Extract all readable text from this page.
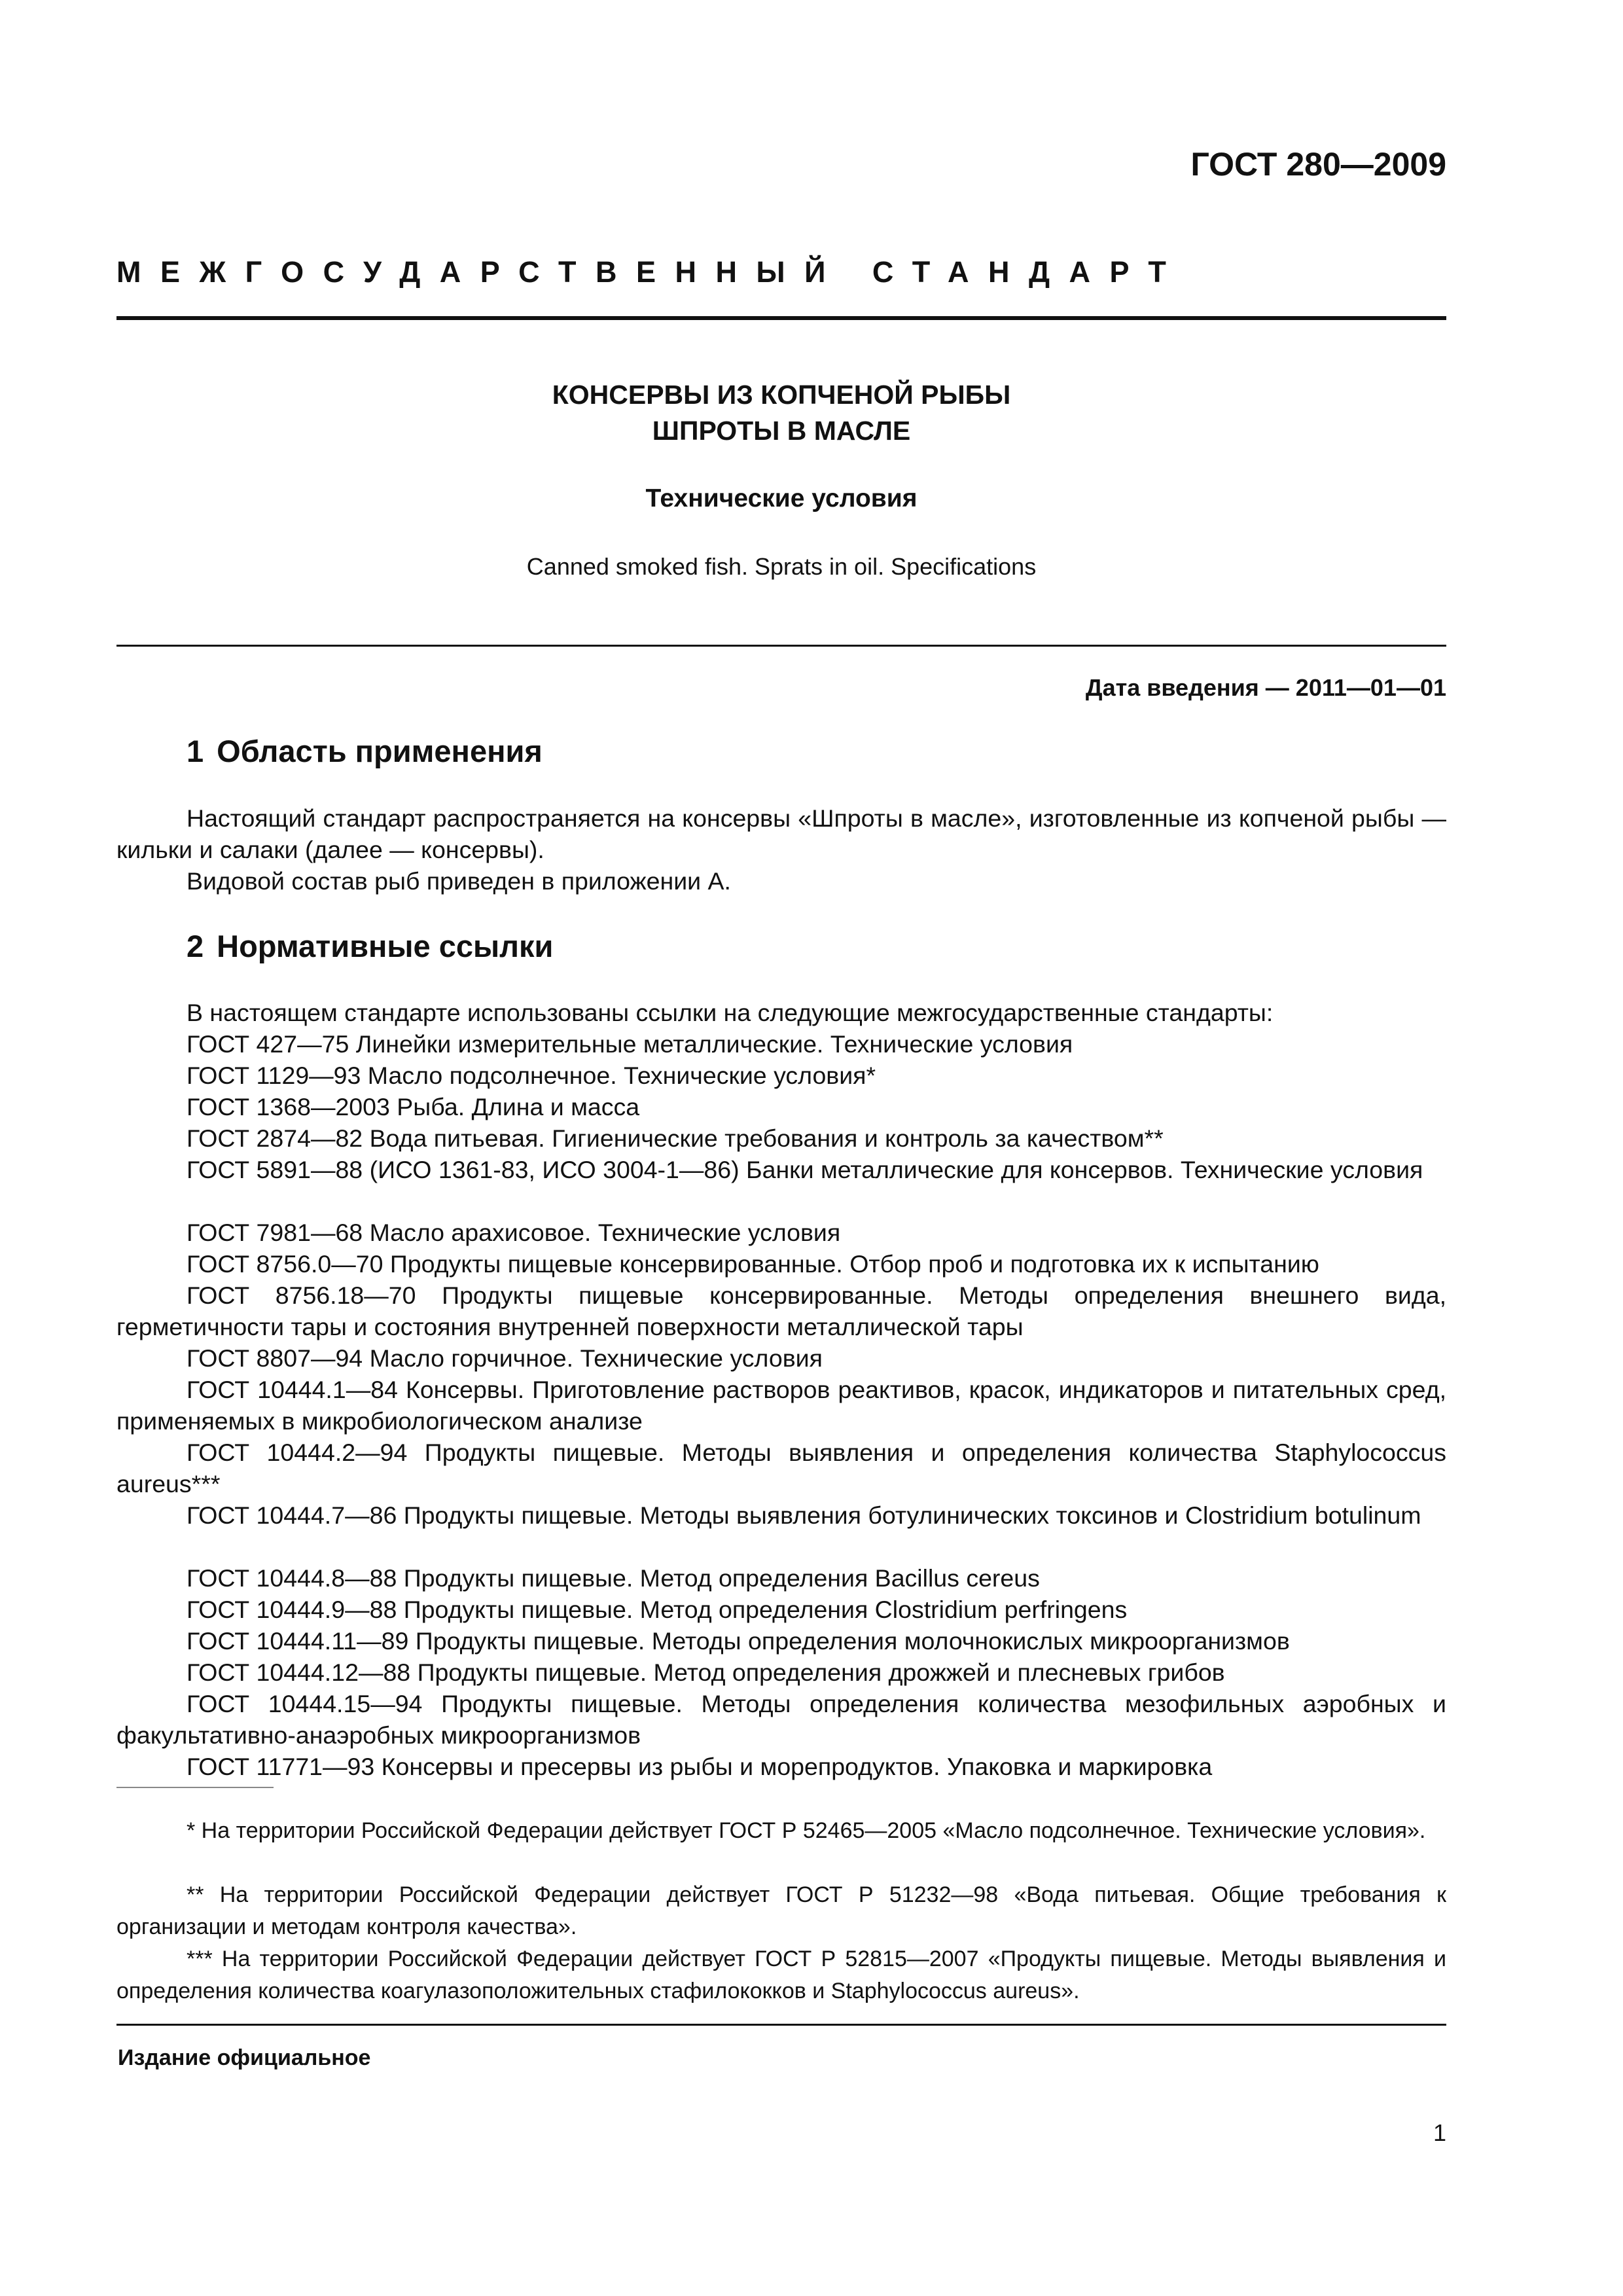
ГОСТ 280—2009
МЕЖГОСУДАРСТВЕННЫЙ СТАНДАРТ
КОНСЕРВЫ ИЗ КОПЧЕНОЙ РЫБЫ
ШПРОТЫ В МАСЛЕ
Технические условия
Canned smoked fish. Sprats in oil. Specifications
Дата введения — 2011—01—01
1 Область применения

Настоящий стандарт распространяется на консервы «Шпроты в масле», изготовленные из копченой рыбы — кильки и салаки (далее — консервы).

Видовой состав рыб приведен в приложении А.

2 Нормативные ссылки

В настоящем стандарте использованы ссылки на следующие межгосударственные стандарты:

ГОСТ 427—75 Линейки измерительные металлические. Технические условия

ГОСТ 1129—93 Масло подсолнечное. Технические условия*

ГОСТ 1368—2003 Рыба. Длина и масса

ГОСТ 2874—82 Вода питьевая. Гигиенические требования и контроль за качеством**

ГОСТ 5891—88 (ИСО 1361-83, ИСО 3004-1—86) Банки металлические для консервов. Технические условия

ГОСТ 7981—68 Масло арахисовое. Технические условия

ГОСТ 8756.0—70 Продукты пищевые консервированные. Отбор проб и подготовка их к испытанию

ГОСТ 8756.18—70 Продукты пищевые консервированные. Методы определения внешнего вида, герметичности тары и состояния внутренней поверхности металлической тары

ГОСТ 8807—94 Масло горчичное. Технические условия

ГОСТ 10444.1—84 Консервы. Приготовление растворов реактивов, красок, индикаторов и питательных сред, применяемых в микробиологическом анализе

ГОСТ 10444.2—94 Продукты пищевые. Методы выявления и определения количества Staphylococcus aureus***

ГОСТ 10444.7—86 Продукты пищевые. Методы выявления ботулинических токсинов и Clostridium botulinum

ГОСТ 10444.8—88 Продукты пищевые. Метод определения Bacillus cereus

ГОСТ 10444.9—88 Продукты пищевые. Метод определения Clostridium perfringens

ГОСТ 10444.11—89 Продукты пищевые. Методы определения молочнокислых микроорганизмов

ГОСТ 10444.12—88 Продукты пищевые. Метод определения дрожжей и плесневых грибов

ГОСТ 10444.15—94 Продукты пищевые. Методы определения количества мезофильных аэробных и факультативно-анаэробных микроорганизмов

ГОСТ 11771—93 Консервы и пресервы из рыбы и морепродуктов. Упаковка и маркировка

* На территории Российской Федерации действует ГОСТ Р 52465—2005 «Масло подсолнечное. Технические условия».

** На территории Российской Федерации действует ГОСТ Р 51232—98 «Вода питьевая. Общие требования к организации и методам контроля качества».

*** На территории Российской Федерации действует ГОСТ Р 52815—2007 «Продукты пищевые. Методы выявления и определения количества коагулазоположительных стафилококков и Staphylococcus aureus».

Издание официальное
1
